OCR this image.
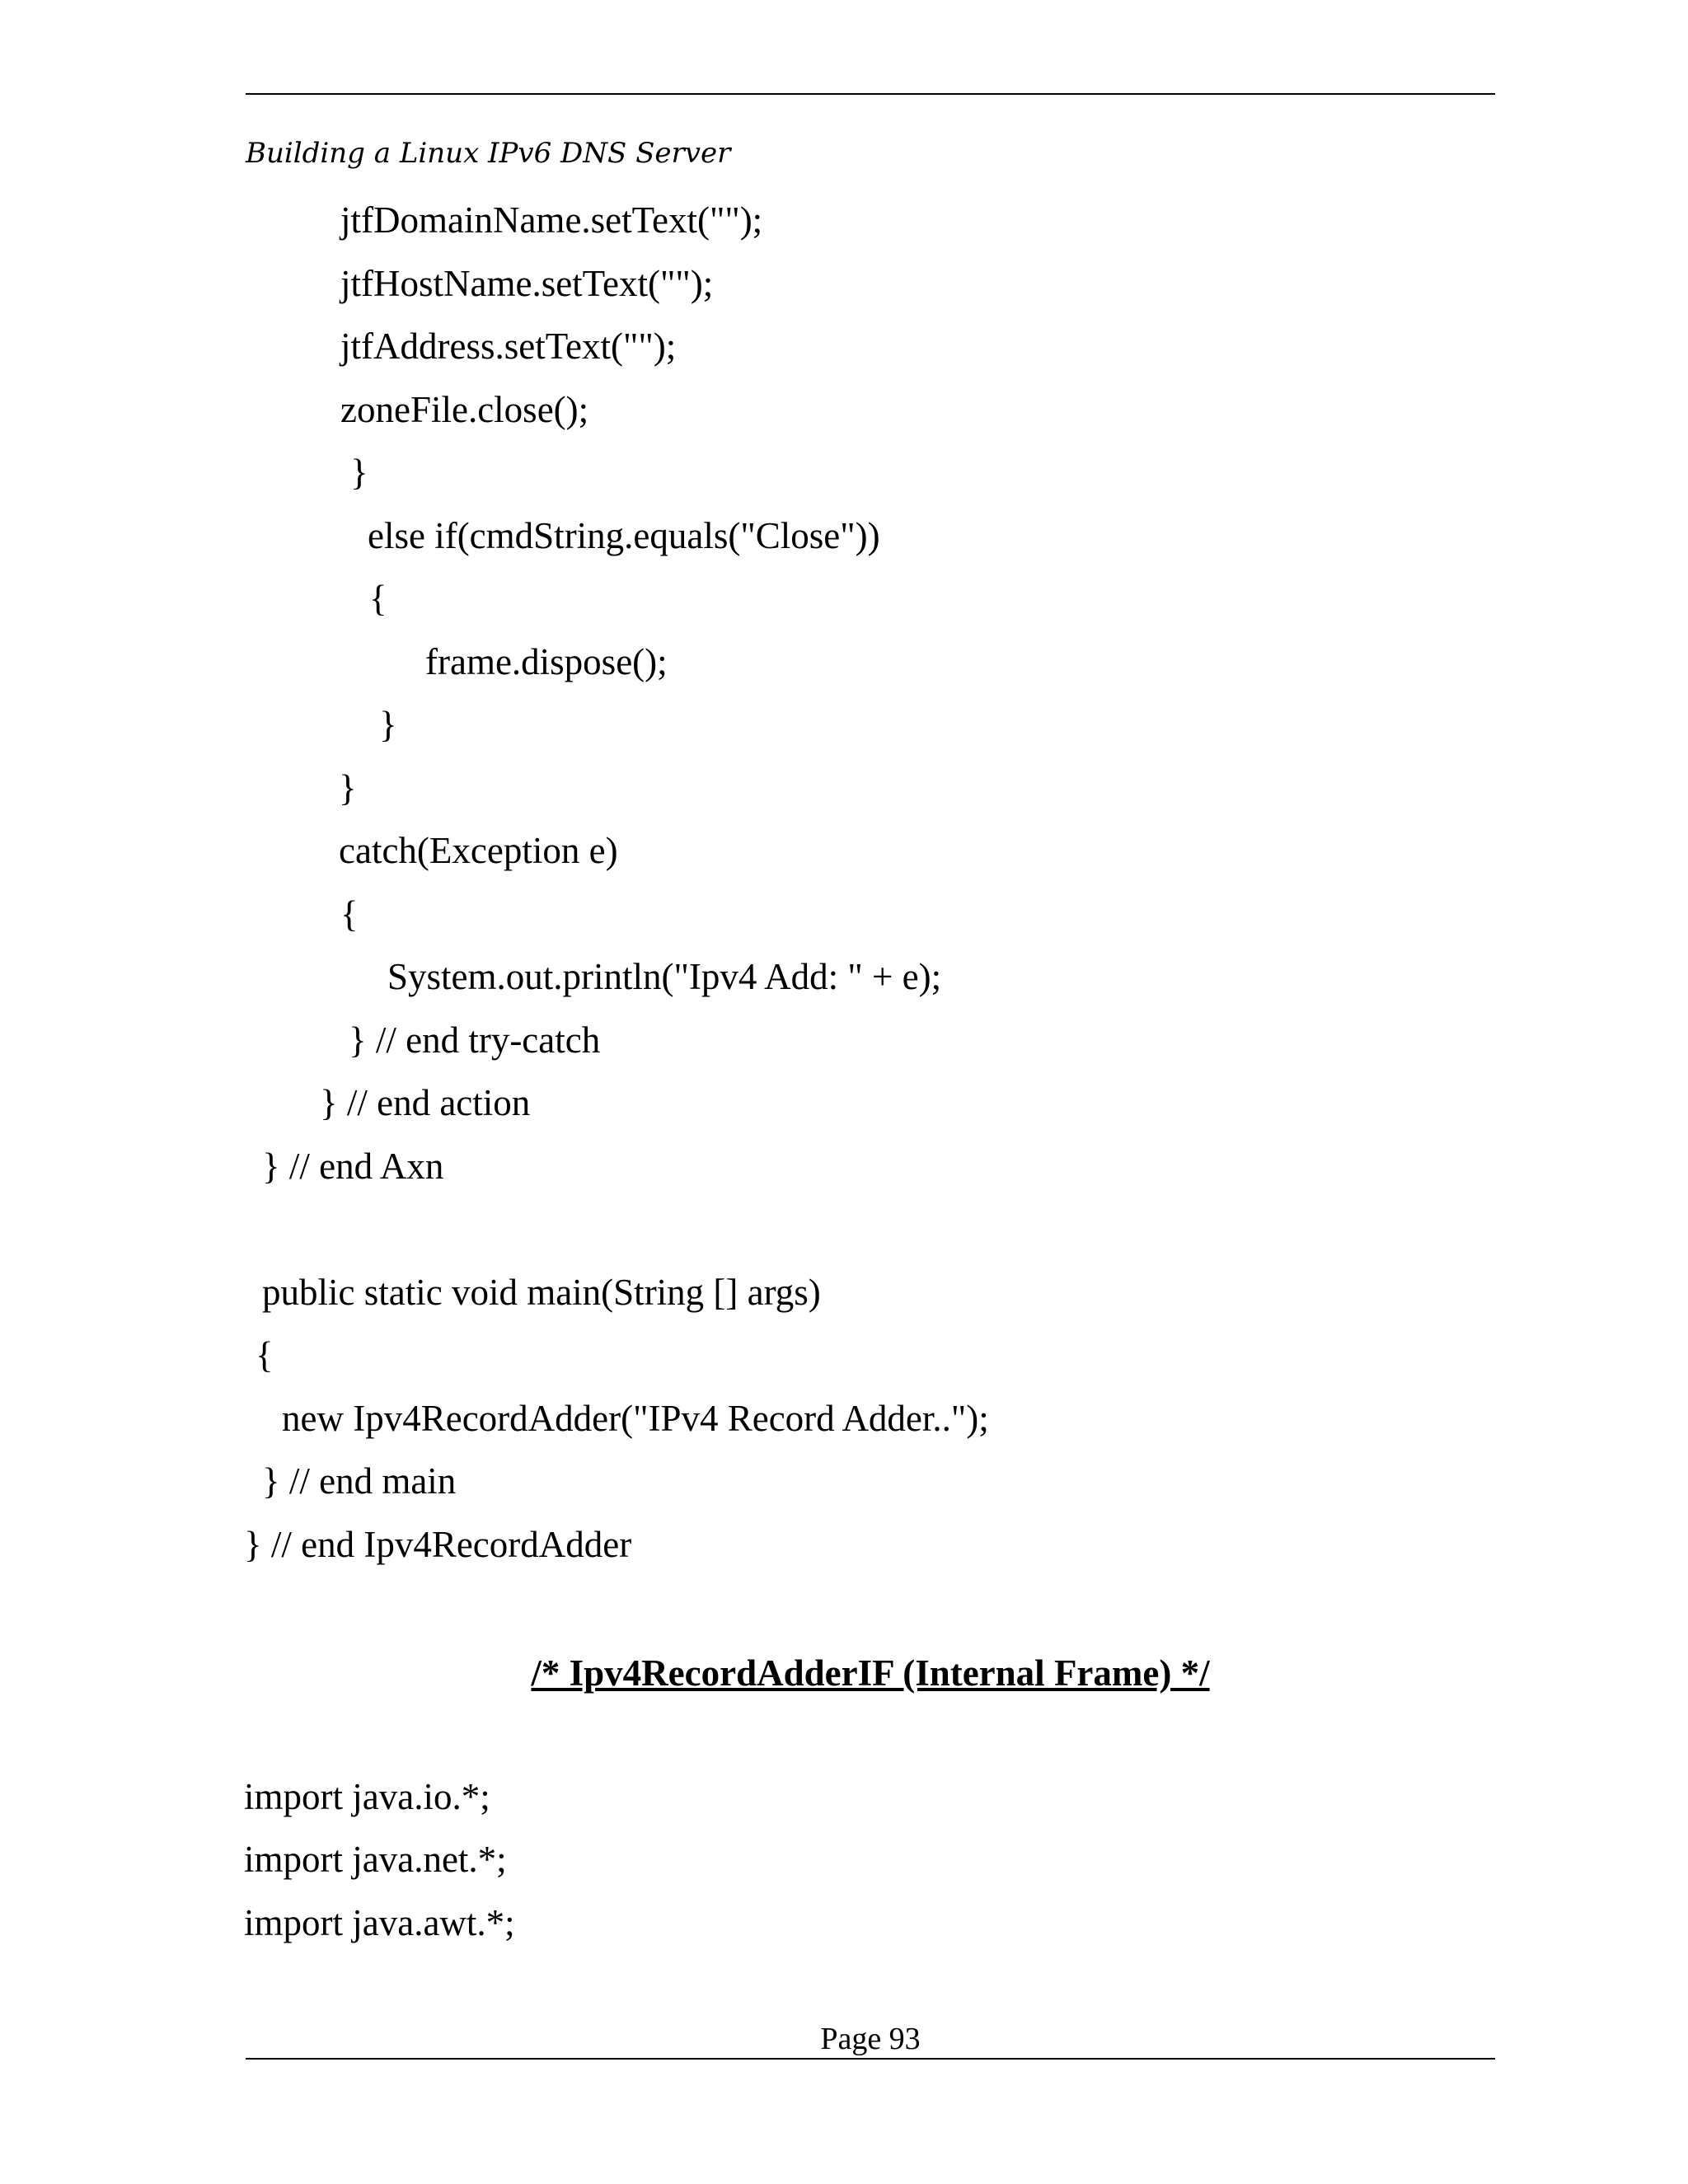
Building a Linux IPv6 DNS Server
jtfDomainName.setText("");
jtfHostName.setText("");
jtfAddress.setText("");
zoneFile.close();
}
else if(cmdString.equals("Close"))
{
frame.dispose();
}
}
catch(Exception e)
{
System.out.println("Ipv4 Add: " + e);
} // end try-catch
} // end action
} // end Axn
public static void main(String [] args)
{
new Ipv4RecordAdder("IPv4 Record Adder..");
} // end main
} // end Ipv4RecordAdder
/* Ipv4RecordAdderIF (Internal Frame) */
import java.io.*;
import java.net.*;
import java.awt.*;
Page 93
